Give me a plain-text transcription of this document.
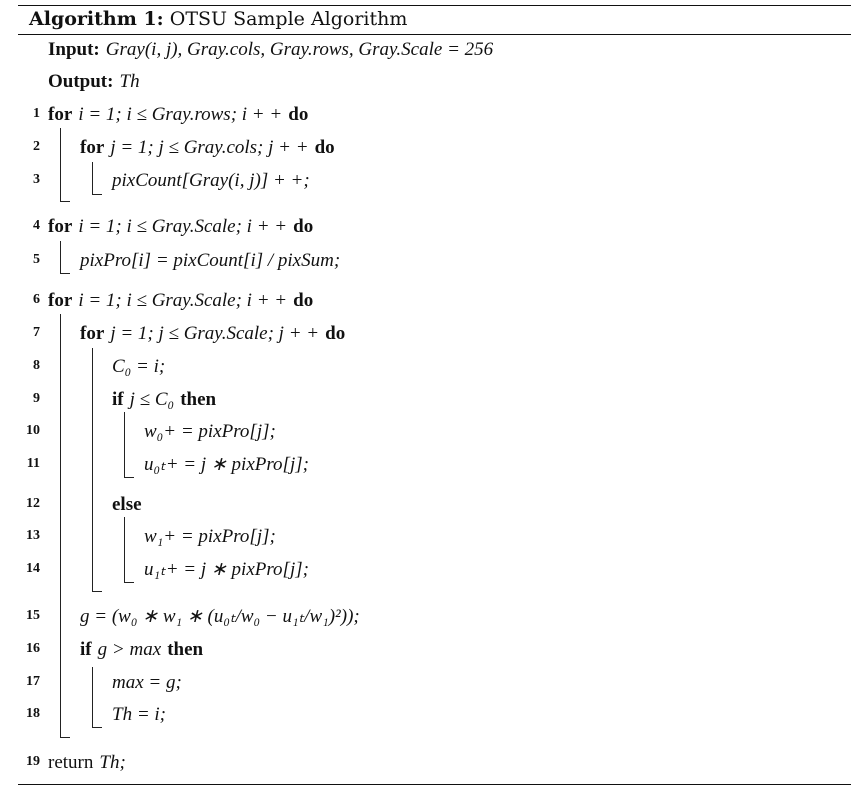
Algorithm 1: OTSU Sample Algorithm
Input: Gray(i, j), Gray.cols, Gray.rows, Gray.Scale = 256
Output: Th
1 for i = 1; i ≤ Gray.rows; i + + do
2 for j = 1; j ≤ Gray.cols; j + + do
3	pixCount[Gray(i, j)] + +;
4 for i = 1; i ≤ Gray.Scale; i + + do
5 pixPro[i] = pixCount[i] / pixSum;
6 for i = 1; i ≤ Gray.Scale; i + + do
7 for j = 1; j ≤ Gray.Scale; j + + do
8	C₀ = i;
9	if j ≤ C₀ then
10	w₀+ = pixPro[j];
11	u₀ₜ+ = j ∗ pixPro[j];
12	else
13	w₁+ = pixPro[j];
14	u₁ₜ+ = j ∗ pixPro[j];
15 g = (w₀ ∗ w₁ ∗ (u₀ₜ/w₀ − u₁ₜ/w₁)²));
16 if g > max then
17	max = g;
18	Th = i;
19 return Th;
